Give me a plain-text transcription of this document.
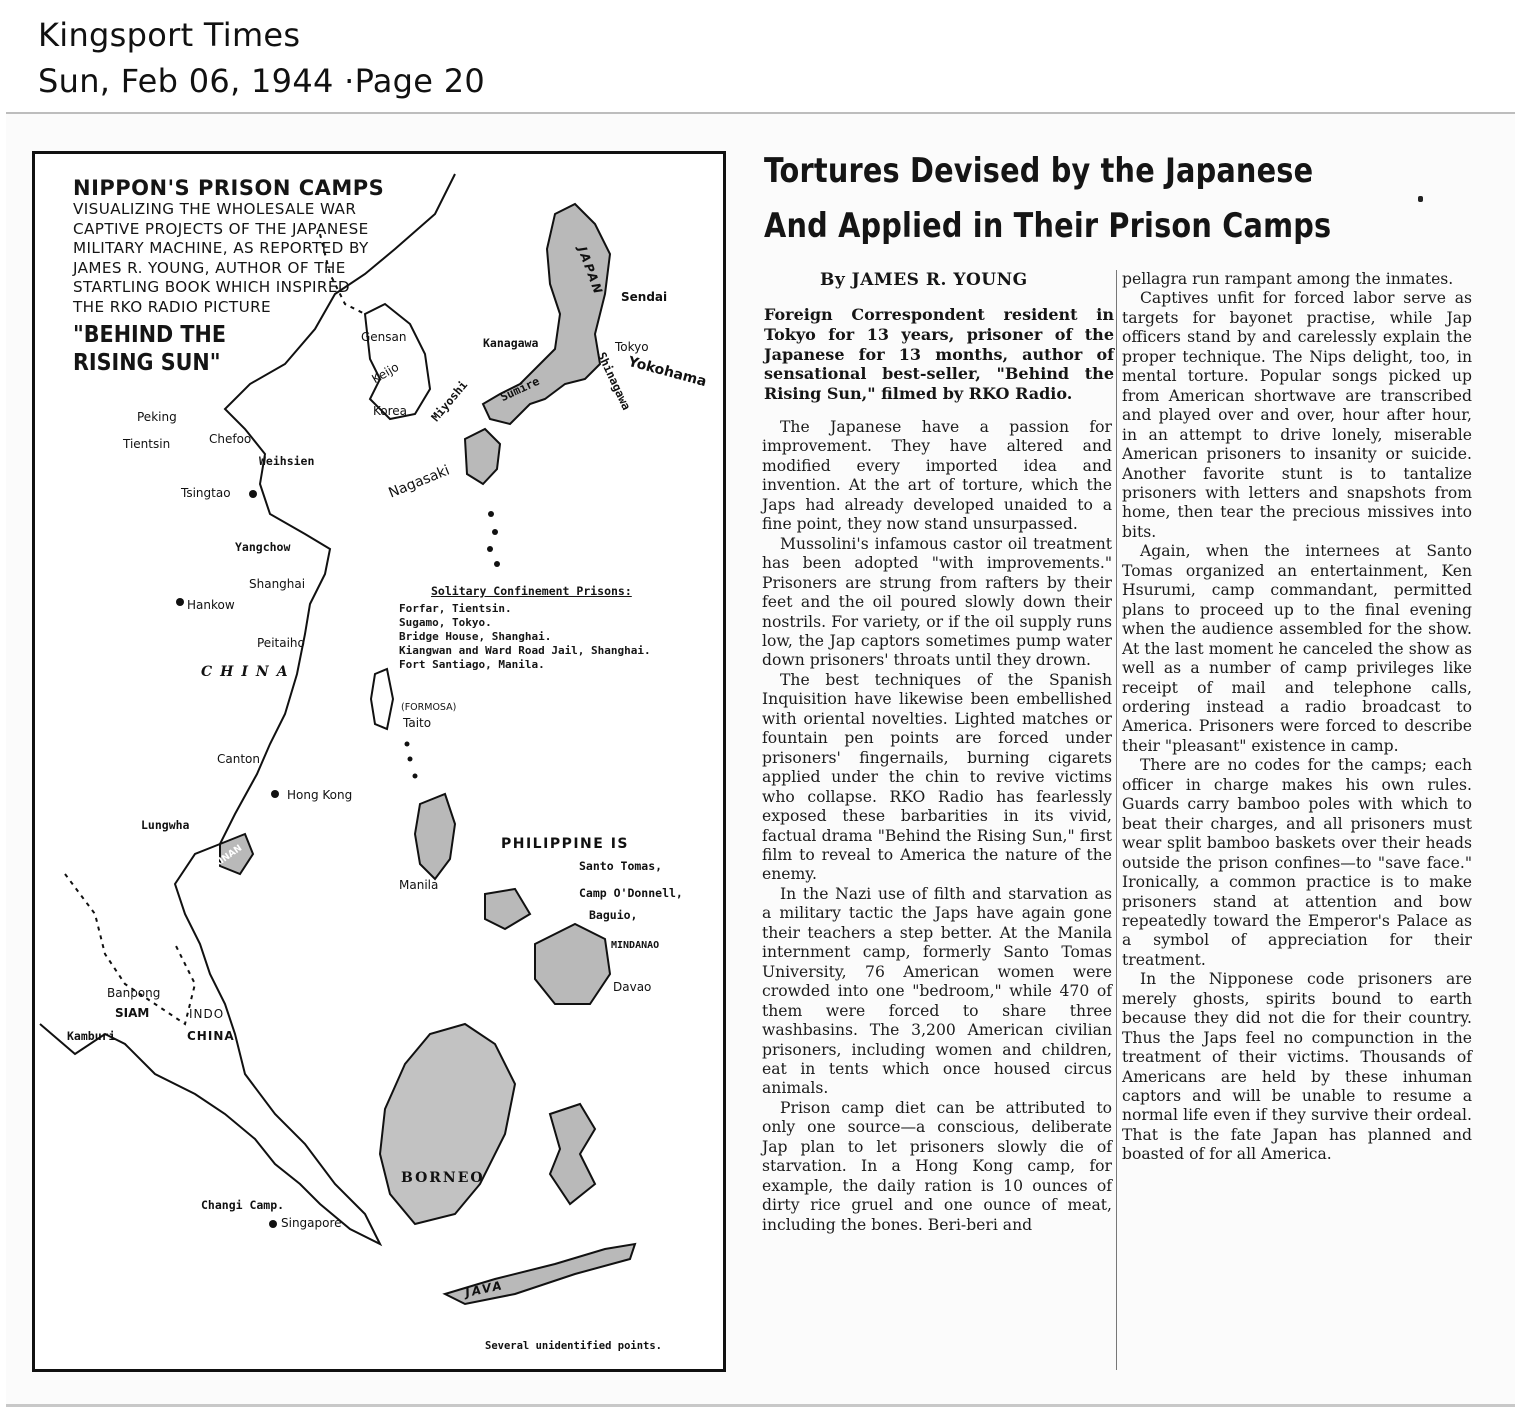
Kingsport Times
Sun, Feb 06, 1944 ·Page 20
NIPPON'S PRISON CAMPS
VISUALIZING THE WHOLESALE WAR CAPTIVE PROJECTS OF THE JAPANESE MILITARY MACHINE, AS REPORTED BY JAMES R. YOUNG, AUTHOR OF THE STARTLING BOOK WHICH INSPIRED THE RKO RADIO PICTURE
"BEHIND THE RISING SUN"
Peking
Tientsin	Chefoo
Weihsien
Tsingtao
Yangchow
Shanghai
Hankow
Peitaiho
CHINA
Canton
Hong Kong
Lungwha
HAINAN
Gensan
Keijo
Korea
Kanagawa
JAPAN Sendai
Tokyo
Yokohama
Shinagawa
Sumire
Miyoshi
Nagasaki
(FORMOSA)
Taito
PHILIPPINE IS
Santo Tomas,
Camp O'Donnell,
Baguio,
Manila
MINDANAO
Davao
Banpong
SIAM
Kamburi
INDO
CHINA
BORNEO
Changi Camp.
Singapore
JAVA
Several unidentified points.
Solitary Confinement Prisons:
Forfar, Tientsin.
Sugamo, Tokyo.
Bridge House, Shanghai.
Kiangwan and Ward Road Jail, Shanghai.
Fort Santiago, Manila.
Tortures Devised by the Japanese
And Applied in Their Prison Camps
By JAMES R. YOUNG
Foreign Correspondent resident in Tokyo for 13 years, prisoner of the Japanese for 13 months, author of sensational best-seller, "Behind the Rising Sun," filmed by RKO Radio.

The Japanese have a passion for improvement. They have altered and modified every imported idea and invention. At the art of torture, which the Japs had already developed unaided to a fine point, they now stand unsurpassed.

Mussolini's infamous castor oil treatment has been adopted "with improvements." Prisoners are strung from rafters by their feet and the oil poured slowly down their nostrils. For variety, or if the oil supply runs low, the Jap captors sometimes pump water down prisoners' throats until they drown.

The best techniques of the Spanish Inquisition have likewise been embellished with oriental novelties. Lighted matches or fountain pen points are forced under prisoners' fingernails, burning cigarets applied under the chin to revive victims who collapse. RKO Radio has fearlessly exposed these barbarities in its vivid, factual drama "Behind the Rising Sun," first film to reveal to America the nature of the enemy.

In the Nazi use of filth and starvation as a military tactic the Japs have again gone their teachers a step better. At the Manila internment camp, formerly Santo Tomas University, 76 American women were crowded into one "bedroom," while 470 of them were forced to share three washbasins. The 3,200 American civilian prisoners, including women and children, eat in tents which once housed circus animals.

Prison camp diet can be attributed to only one source—a conscious, deliberate Jap plan to let prisoners slowly die of starvation. In a Hong Kong camp, for example, the daily ration is 10 ounces of dirty rice gruel and one ounce of meat, including the bones. Beri-beri and

pellagra run rampant among the inmates.

Captives unfit for forced labor serve as targets for bayonet practise, while Jap officers stand by and carelessly explain the proper technique. The Nips delight, too, in mental torture. Popular songs picked up from American shortwave are transcribed and played over and over, hour after hour, in an attempt to drive lonely, miserable American prisoners to insanity or suicide. Another favorite stunt is to tantalize prisoners with letters and snapshots from home, then tear the precious missives into bits.

Again, when the internees at Santo Tomas organized an entertainment, Ken Hsurumi, camp commandant, permitted plans to proceed up to the final evening when the audience assembled for the show. At the last moment he canceled the show as well as a number of camp privileges like receipt of mail and telephone calls, ordering instead a radio broadcast to America. Prisoners were forced to describe their "pleasant" existence in camp.

There are no codes for the camps; each officer in charge makes his own rules. Guards carry bamboo poles with which to beat their charges, and all prisoners must wear split bamboo baskets over their heads outside the prison confines—to "save face." Ironically, a common practice is to make prisoners stand at attention and bow repeatedly toward the Emperor's Palace as a symbol of appreciation for their treatment.

In the Nipponese code prisoners are merely ghosts, spirits bound to earth because they did not die for their country. Thus the Japs feel no compunction in the treatment of their victims. Thousands of Americans are held by these inhuman captors and will be unable to resume a normal life even if they survive their ordeal. That is the fate Japan has planned and boasted of for all America.
